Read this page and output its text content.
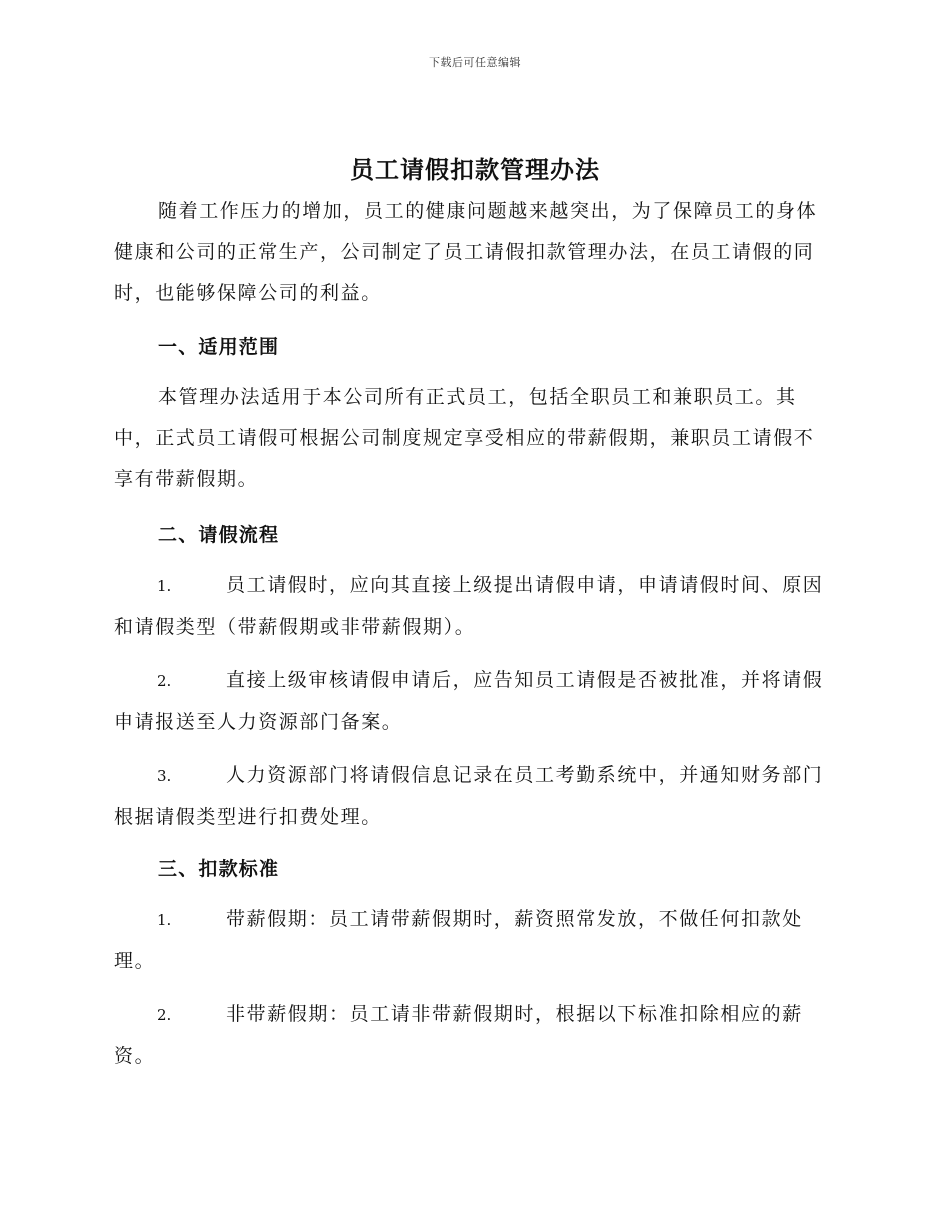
下载后可任意编辑
员工请假扣款管理办法

随着工作压力的增加，员工的健康问题越来越突出，为了保障员工的身体健康和公司的正常生产，公司制定了员工请假扣款管理办法，在员工请假的同时，也能够保障公司的利益。

一、适用范围

本管理办法适用于本公司所有正式员工，包括全职员工和兼职员工。其中，正式员工请假可根据公司制度规定享受相应的带薪假期，兼职员工请假不享有带薪假期。

二、请假流程

1.	员工请假时，应向其直接上级提出请假申请，申请请假时间、原因和请假类型（带薪假期或非带薪假期）。

2.	直接上级审核请假申请后，应告知员工请假是否被批准，并将请假申请报送至人力资源部门备案。

3.	人力资源部门将请假信息记录在员工考勤系统中，并通知财务部门根据请假类型进行扣费处理。

三、扣款标准

1.	带薪假期：员工请带薪假期时，薪资照常发放，不做任何扣款处理。

2.	非带薪假期：员工请非带薪假期时，根据以下标准扣除相应的薪资。
